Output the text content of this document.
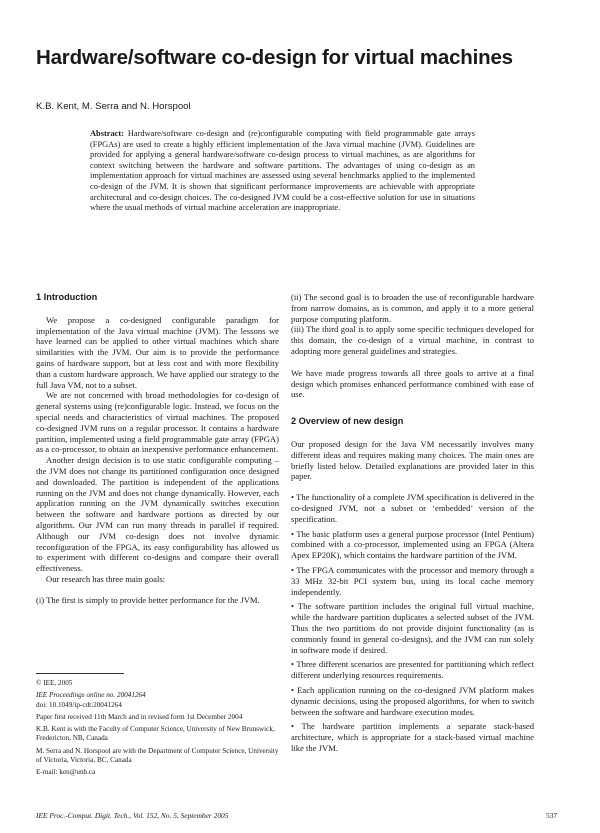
Hardware/software co-design for virtual machines
K.B. Kent, M. Serra and N. Horspool

Abstract: Hardware/software co-design and (re)configurable computing with field programmable gate arrays (FPGAs) are used to create a highly efficient implementation of the Java virtual machine (JVM). Guidelines are provided for applying a general hardware/software co-design process to virtual machines, as are algorithms for context switching between the hardware and software partitions. The advantages of using co-design as an implementation approach for virtual machines are assessed using several benchmarks applied to the implemented co-design of the JVM. It is shown that significant performance improvements are achievable with appropriate architectural and co-design choices. The co-designed JVM could be a cost-effective solution for use in situations where the usual methods of virtual machine acceleration are inappropriate.

1 Introduction

We propose a co-designed configurable paradigm for implementation of the Java virtual machine (JVM). The lessons we have learned can be applied to other virtual machines which share similarities with the JVM. Our aim is to provide the performance gains of hardware support, but at less cost and with more flexibility than a custom hardware approach. We have applied our strategy to the full Java VM, not to a subset.

We are not concerned with broad methodologies for co-design of general systems using (re)configurable logic. Instead, we focus on the special needs and characteristics of virtual machines. The proposed co-designed JVM runs on a regular processor. It contains a hardware partition, implemented using a field programmable gate array (FPGA) as a co-processor, to obtain an inexpensive performance enhancement.

Another design decision is to use static configurable computing – the JVM does not change its partitioned configuration once designed and downloaded. The partition is independent of the applications running on the JVM and does not change dynamically. However, each application running on the JVM dynamically switches execution between the software and hardware portions as directed by our algorithms. Our JVM can run many threads in parallel if required. Although our JVM co-design does not involve dynamic reconfiguration of the FPGA, its easy configurability has allowed us to experiment with different co-designs and compare their overall effectiveness.

Our research has three main goals:

(i) The first is simply to provide better performance for the JVM.

© IEE, 2005

IEE Proceedings online no. 20041264

doi: 10.1049/ip-cdt:20041264

Paper first received 11th March and in revised form 1st December 2004

K.B. Kent is with the Faculty of Computer Science, University of New Brunswick, Fredericton, NB, Canada

M. Serra and N. Horspool are with the Department of Computer Science, University of Victoria, Victoria, BC, Canada

E-mail: ken@unb.ca

(ii) The second goal is to broaden the use of reconfigurable hardware from narrow domains, as is common, and apply it to a more general purpose computing platform.

(iii) The third goal is to apply some specific techniques developed for this domain, the co-design of a virtual machine, in contrast to adopting more general guidelines and strategies.

We have made progress towards all three goals to arrive at a final design which promises enhanced performance combined with ease of use.

2 Overview of new design

Our proposed design for the Java VM necessarily involves many different ideas and requires making many choices. The main ones are briefly listed below. Detailed explanations are provided later in this paper.

• The functionality of a complete JVM specification is delivered in the co-designed JVM, not a subset or ‘embedded’ version of the specification.

• The basic platform uses a general purpose processor (Intel Pentium) combined with a co-processor, implemented using an FPGA (Altera Apex EP20K), which contains the hardware partition of the JVM.

• The FPGA communicates with the processor and memory through a 33 MHz 32-bit PCI system bus, using its local cache memory independently.

• The software partition includes the original full virtual machine, while the hardware partition duplicates a selected subset of the JVM. Thus the two partitions do not provide disjoint functionality (as is commonly found in general co-designs), and the JVM can run solely in software mode if desired.

• Three different scenarios are presented for partitioning which reflect different underlying resources requirements.

• Each application running on the co-designed JVM platform makes dynamic decisions, using the proposed algorithms, for when to switch between the software and hardware execution modes.

• The hardware partition implements a separate stack-based architecture, which is appropriate for a stack-based virtual machine like the JVM.

IEE Proc.-Comput. Digit. Tech., Vol. 152, No. 5, September 2005	537
